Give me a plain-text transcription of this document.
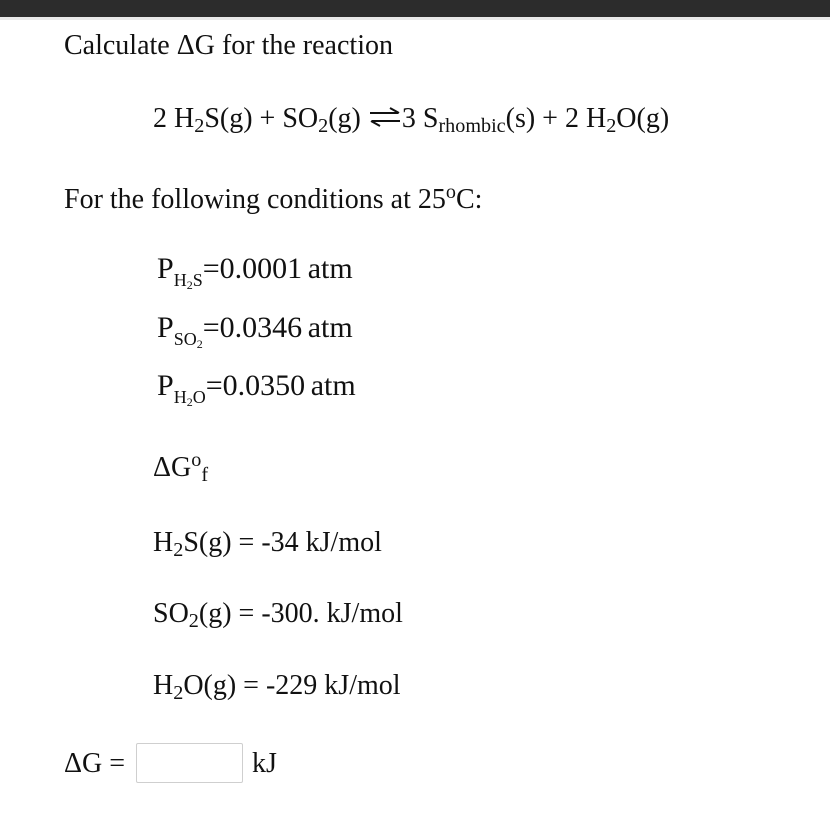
Calculate ΔG for the reaction
2 $H_2S(g) + SO_2(g)$ ⇌3 $S_{rhombic}(s) + 2$ $H_2O(g)$
For the following conditions at 25$^o$C:
$P_{H2S}=0.0001$  atm
$P_{SO2}=0.0346$  atm
$P_{H2O}=0.0350$  atm
$\Delta G^o_f$
$H_2S(g) = -34$ kJ/mol
$SO_2(g) = -300$. kJ/mol
$H_2O(g) = -229$ kJ/mol
ΔG =	kJ
